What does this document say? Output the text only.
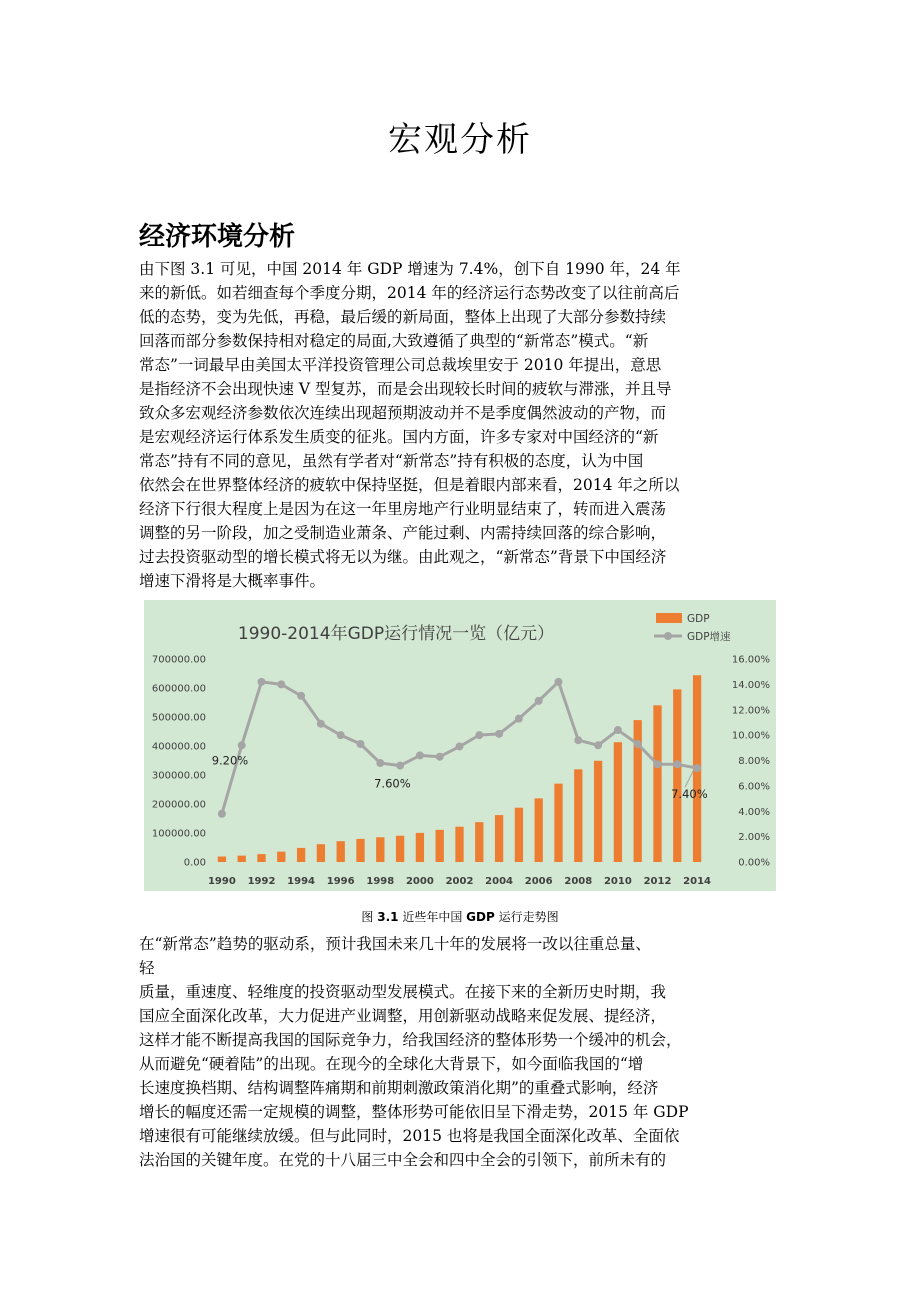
宏观分析
经济环境分析

由下图 3.1 可见，中国 2014 年 GDP 增速为 7.4%，创下自 1990 年，24 年
来的新低。如若细查每个季度分期，2014 年的经济运行态势改变了以往前高后
低的态势，变为先低，再稳，最后缓的新局面，整体上出现了大部分参数持续
回落而部分参数保持相对稳定的局面,大致遵循了典型的“新常态”模式。“新
常态”一词最早由美国太平洋投资管理公司总裁埃里安于 2010 年提出，意思
是指经济不会出现快速 V 型复苏，而是会出现较长时间的疲软与滞涨，并且导
致众多宏观经济参数依次连续出现超预期波动并不是季度偶然波动的产物，而
是宏观经济运行体系发生质变的征兆。国内方面，许多专家对中国经济的“新
常态”持有不同的意见，虽然有学者对“新常态”持有积极的态度，认为中国
依然会在世界整体经济的疲软中保持坚挺，但是着眼内部来看，2014 年之所以
经济下行很大程度上是因为在这一年里房地产行业明显结束了，转而进入震荡
调整的另一阶段，加之受制造业萧条、产能过剩、内需持续回落的综合影响，
过去投资驱动型的增长模式将无以为继。由此观之，“新常态”背景下中国经济
增速下滑将是大概率事件。

1990-2014年GDP运行情况一览（亿元）
GDP
GDP增速
0.00
100000.00
200000.00
300000.00
400000.00
500000.00
600000.00
700000.00
0.00%
2.00%
4.00%
6.00%
8.00%
10.00%
12.00%
14.00%
16.00%
9.20%
7.60%
7.40%
1990 1992 1994 1996 1998 2000 2002 2004 2006 2008 2010 2012 2014
图 3.1 近些年中国 GDP 运行走势图

在“新常态”趋势的驱动系，预计我国未来几十年的发展将一改以往重总量、
轻
质量，重速度、轻维度的投资驱动型发展模式。在接下来的全新历史时期，我
国应全面深化改革，大力促进产业调整，用创新驱动战略来促发展、提经济，
这样才能不断提高我国的国际竞争力，给我国经济的整体形势一个缓冲的机会，
从而避免“硬着陆”的出现。在现今的全球化大背景下，如今面临我国的“增
长速度换档期、结构调整阵痛期和前期刺激政策消化期”的重叠式影响，经济
增长的幅度还需一定规模的调整，整体形势可能依旧呈下滑走势，2015 年 GDP
增速很有可能继续放缓。但与此同时，2015 也将是我国全面深化改革、全面依
法治国的关键年度。在党的十八届三中全会和四中全会的引领下，前所未有的
